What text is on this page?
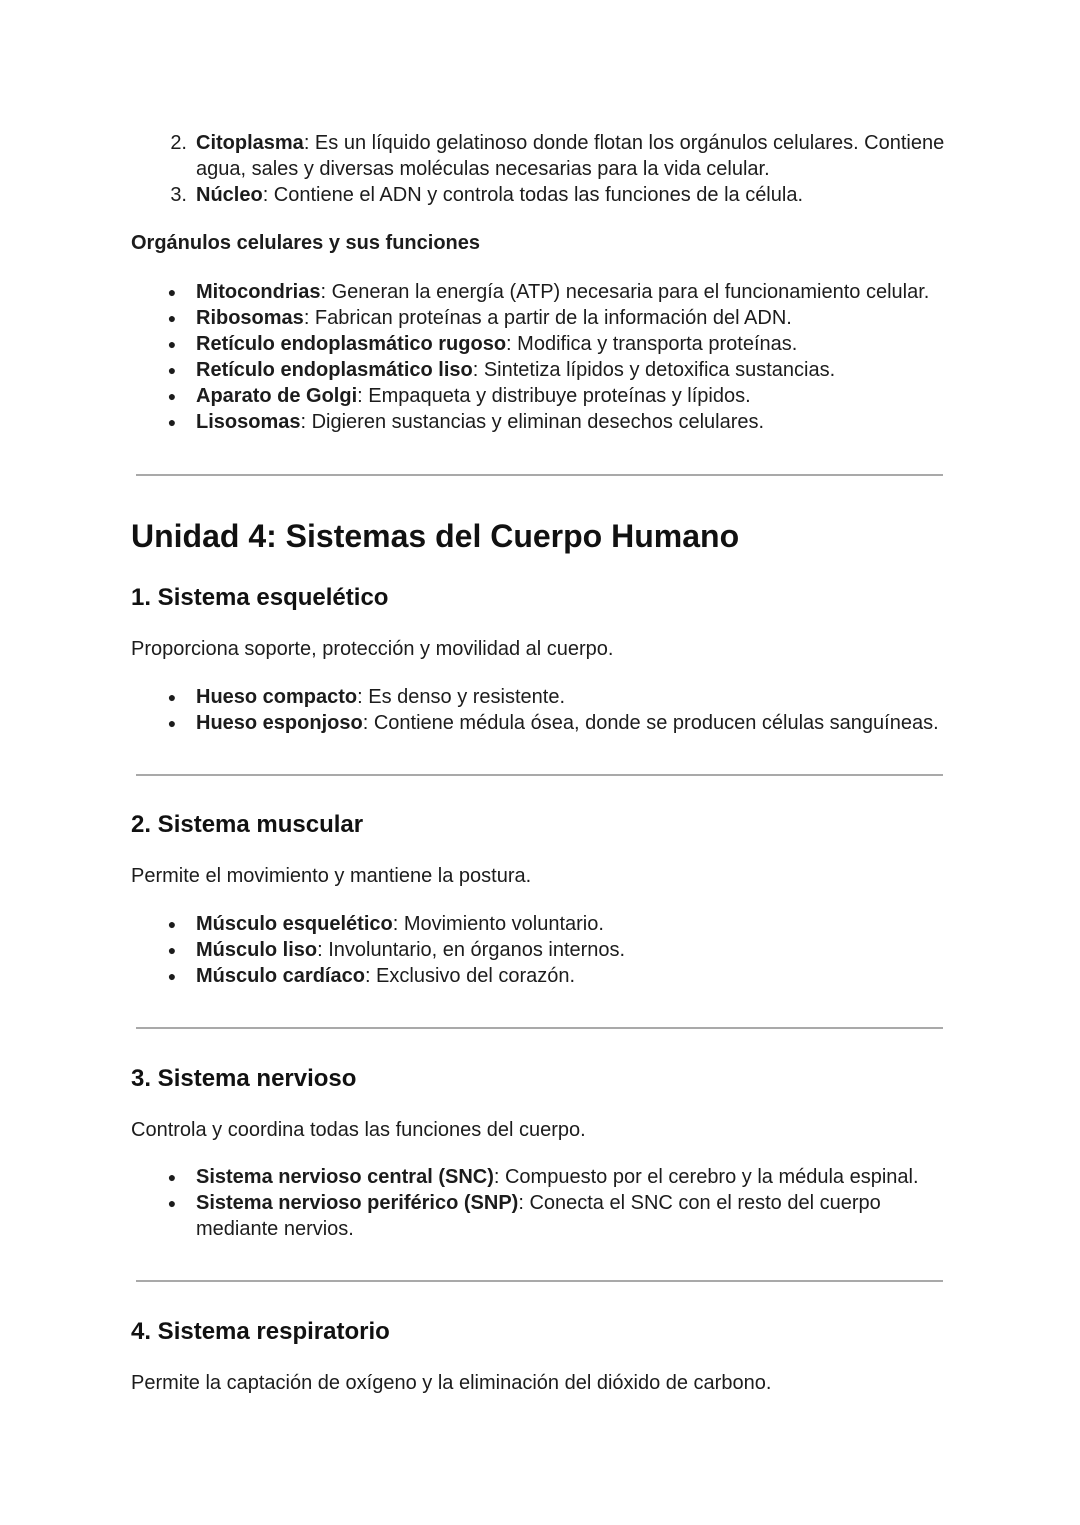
2. Citoplasma: Es un líquido gelatinoso donde flotan los orgánulos celulares. Contiene
agua, sales y diversas moléculas necesarias para la vida celular.
3. Núcleo: Contiene el ADN y controla todas las funciones de la célula.
Orgánulos celulares y sus funciones
● Mitocondrias: Generan la energía (ATP) necesaria para el funcionamiento celular.
● Ribosomas: Fabrican proteínas a partir de la información del ADN.
● Retículo endoplasmático rugoso: Modifica y transporta proteínas.
● Retículo endoplasmático liso: Sintetiza lípidos y detoxifica sustancias.
● Aparato de Golgi: Empaqueta y distribuye proteínas y lípidos.
● Lisosomas: Digieren sustancias y eliminan desechos celulares.
Unidad 4: Sistemas del Cuerpo Humano
1. Sistema esquelético
Proporciona soporte, protección y movilidad al cuerpo.
● Hueso compacto: Es denso y resistente.
● Hueso esponjoso: Contiene médula ósea, donde se producen células sanguíneas.
2. Sistema muscular
Permite el movimiento y mantiene la postura.
● Músculo esquelético: Movimiento voluntario.
● Músculo liso: Involuntario, en órganos internos.
● Músculo cardíaco: Exclusivo del corazón.
3. Sistema nervioso
Controla y coordina todas las funciones del cuerpo.
● Sistema nervioso central (SNC): Compuesto por el cerebro y la médula espinal.
● Sistema nervioso periférico (SNP): Conecta el SNC con el resto del cuerpo
mediante nervios.
4. Sistema respiratorio
Permite la captación de oxígeno y la eliminación del dióxido de carbono.
